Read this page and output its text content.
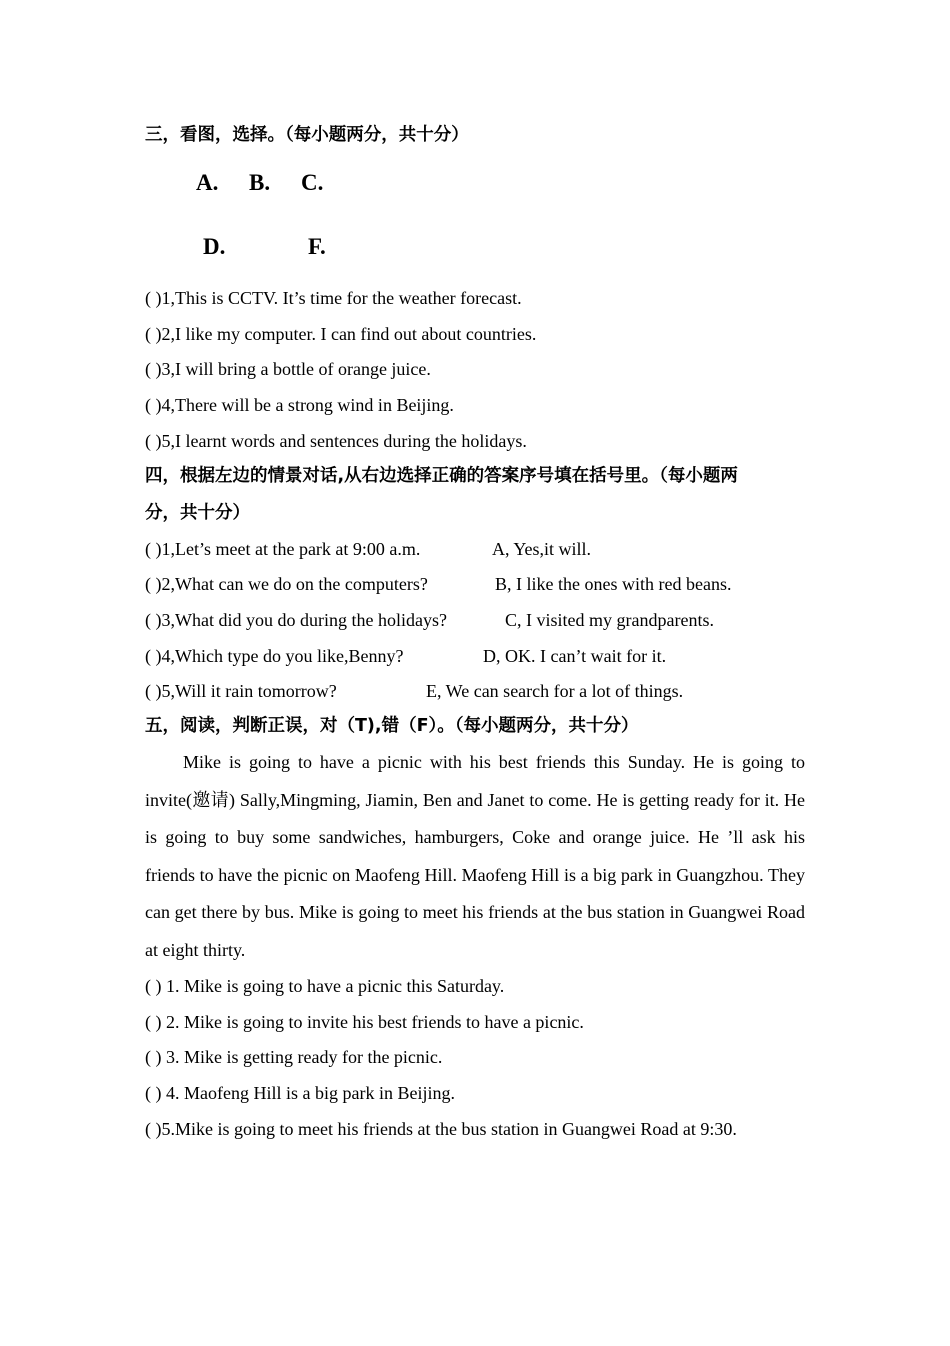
三，看图，选择。（每小题两分，共十分）
A. B. C.
D.	F.
( )1,This is CCTV. It’s time for the weather forecast.
( )2,I like my computer. I can find out about countries.
( )3,I will bring a bottle of orange juice.
( )4,There will be a strong wind in Beijing.
( )5,I learnt words and sentences during the holidays.
四，根据左边的情景对话,从右边选择正确的答案序号填在括号里。（每小题两
分，共十分）
( )1,Let’s meet at the park at 9:00 a.m.	A, Yes,it will.
( )2,What can we do on the computers?	B, I like the ones with red beans.
( )3,What did you do during the holidays?	C, I visited my grandparents.
( )4,Which type do you like,Benny?	D, OK. I can’t wait for it.
( )5,Will it rain tomorrow?	E, We can search for a lot of things.
五，阅读，判断正误，对（T),错（F）。（每小题两分，共十分）
Mike is going to have a picnic with his best friends this Sunday. He is going to invite(邀请) Sally,Mingming, Jiamin, Ben and Janet to come. He is getting ready for it. He is going to buy some sandwiches, hamburgers, Coke and orange juice. He ’ll ask his friends to have the picnic on Maofeng Hill. Maofeng Hill is a big park in Guangzhou. They can get there by bus. Mike is going to meet his friends at the bus station in Guangwei Road at eight thirty.
( ) 1. Mike is going to have a picnic this Saturday.
( ) 2. Mike is going to invite his best friends to have a picnic.
( ) 3. Mike is getting ready for the picnic.
( ) 4. Maofeng Hill is a big park in Beijing.
( )5.Mike is going to meet his friends at the bus station in Guangwei Road at 9:30.
